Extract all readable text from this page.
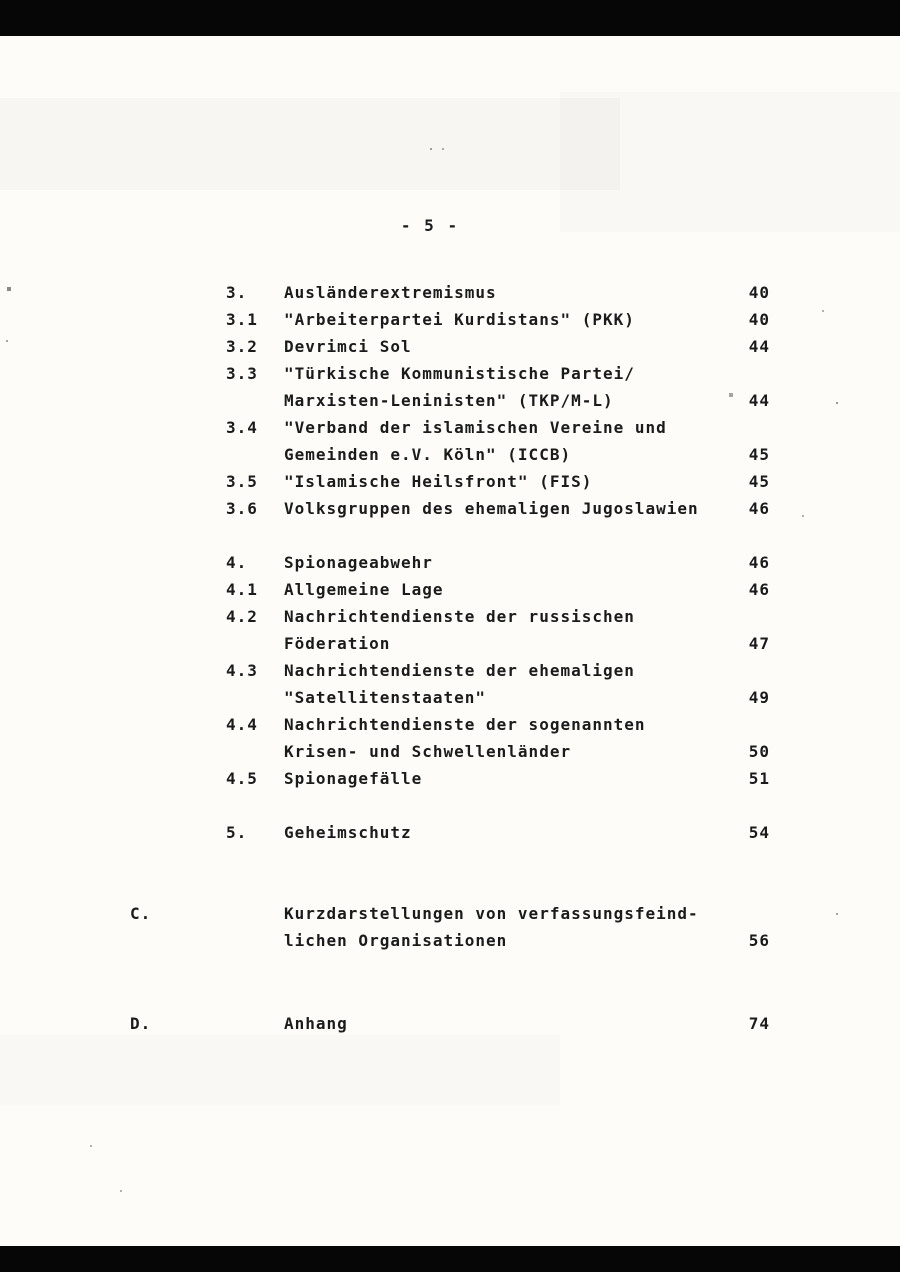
- 5 -
3.	Ausländerextremismus	40
3.1	"Arbeiterpartei Kurdistans" (PKK)	40
3.2	Devrimci Sol	44
3.3	"Türkische Kommunistische Partei/
Marxisten-Leninisten" (TKP/M-L)	44
3.4	"Verband der islamischen Vereine und
Gemeinden e.V. Köln" (ICCB)	45
3.5	"Islamische Heilsfront" (FIS)	45
3.6	Volksgruppen des ehemaligen Jugoslawien	46
4.	Spionageabwehr	46
4.1	Allgemeine Lage	46
4.2	Nachrichtendienste der russischen
Föderation	47
4.3	Nachrichtendienste der ehemaligen
"Satellitenstaaten"	49
4.4	Nachrichtendienste der sogenannten
Krisen- und Schwellenländer	50
4.5	Spionagefälle	51
5.	Geheimschutz	54
C.	Kurzdarstellungen von verfassungsfeind-
lichen Organisationen	56
D.	Anhang	74
